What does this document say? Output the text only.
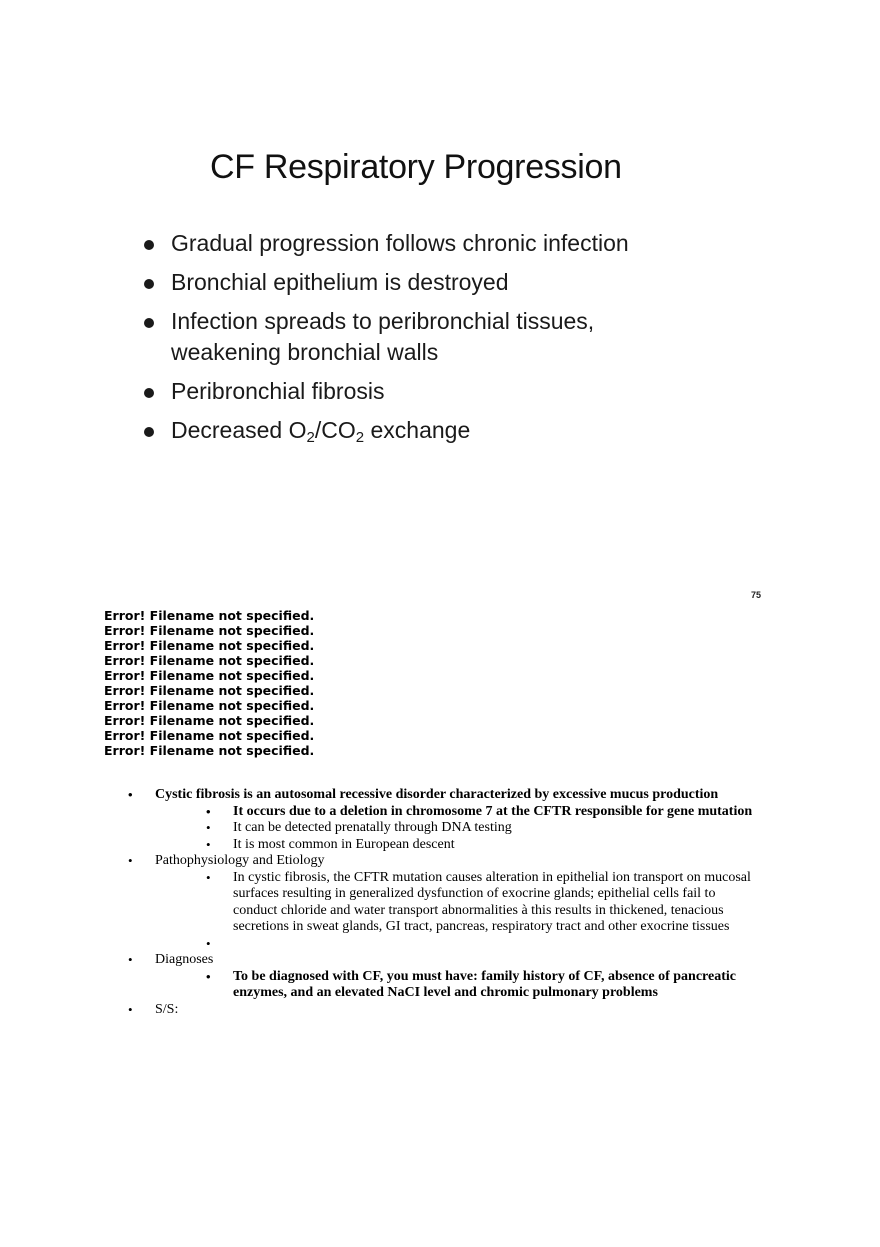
CF Respiratory Progression
Gradual progression follows chronic infection
Bronchial epithelium is destroyed
Infection spreads to peribronchial tissues,
weakening bronchial walls
Peribronchial fibrosis
Decreased $O_2/CO_2$ exchange
75
Error! Filename not specified.
Error! Filename not specified.
Error! Filename not specified.
Error! Filename not specified.
Error! Filename not specified.
Error! Filename not specified.
Error! Filename not specified.
Error! Filename not specified.
Error! Filename not specified.
Error! Filename not specified.
• Cystic fibrosis is an autosomal recessive disorder characterized by excessive mucus production
• It occurs due to a deletion in chromosome 7 at the CFTR responsible for gene mutation
• It can be detected prenatally through DNA testing
• It is most common in European descent
• Pathophysiology and Etiology
• In cystic fibrosis, the CFTR mutation causes alteration in epithelial ion transport on mucosal
surfaces resulting in generalized dysfunction of exocrine glands; epithelial cells fail to
conduct chloride and water transport abnormalities à this results in thickened, tenacious
secretions in sweat glands, GI tract, pancreas, respiratory tract and other exocrine tissues
•

• Diagnoses
• To be diagnosed with CF, you must have: family history of CF, absence of pancreatic
enzymes, and an elevated NaCI level and chromic pulmonary problems
• S/S:
